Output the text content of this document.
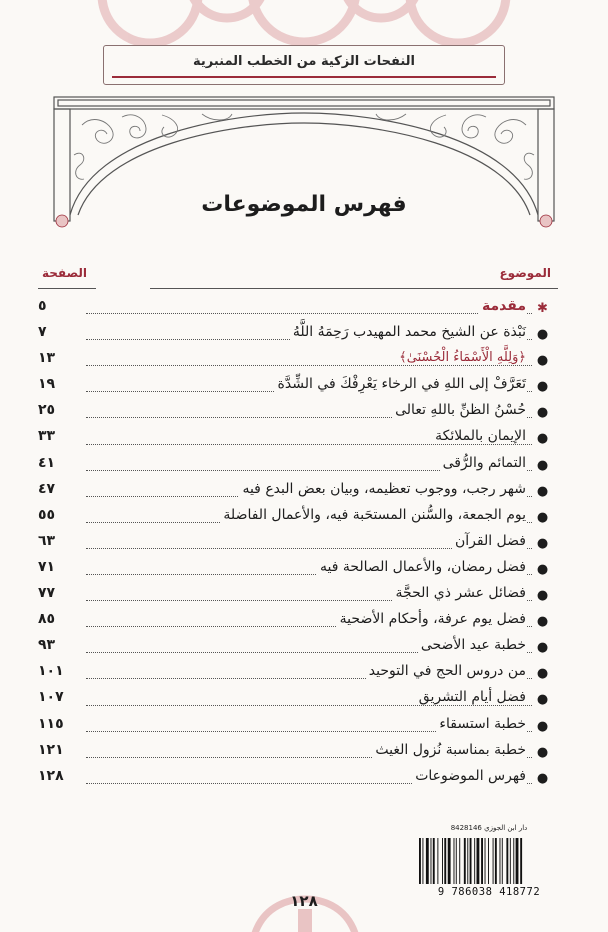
النفحات الزكية من الخطب المنبرية
فهرس الموضوعات
الموضوع
الصفحة
✱
مقدمة
٥
●
نَبْذة عن الشيخ محمد المهيدب رَحِمَهُ اللَّهُ
٧
●
﴿وَلِلَّهِ الْأَسْمَاءُ الْحُسْنَىٰ﴾
١٣
●
تَعَرَّفْ إلى اللهِ في الرخاء يَعْرِفْكَ في الشِّدَّة
١٩
●
حُسْنُ الظنِّ باللهِ تعالى
٢٥
●
الإيمان بالملائكة
٣٣
●
التمائم والرُّقى
٤١
●
شهر رجب، ووجوب تعظيمه، وبيان بعض البدع فيه
٤٧
●
يوم الجمعة، والسُّنن المستحَبة فيه، والأعمال الفاضلة
٥٥
●
فضل القرآن
٦٣
●
فضل رمضان، والأعمال الصالحة فيه
٧١
●
فضائل عشر ذي الحجَّة
٧٧
●
فضل يوم عرفة، وأحكام الأضحية
٨٥
●
خطبة عيد الأضحى
٩٣
●
من دروس الحج في التوحيد
١٠١
●
فضل أيام التشريق
١٠٧
●
خطبة استسقاء
١١٥
●
خطبة بمناسبة نُزول الغيث
١٢١
●
فهرس الموضوعات
١٢٨
دار ابن الجوزي 8428146
9 786038 418772
١٢٨
